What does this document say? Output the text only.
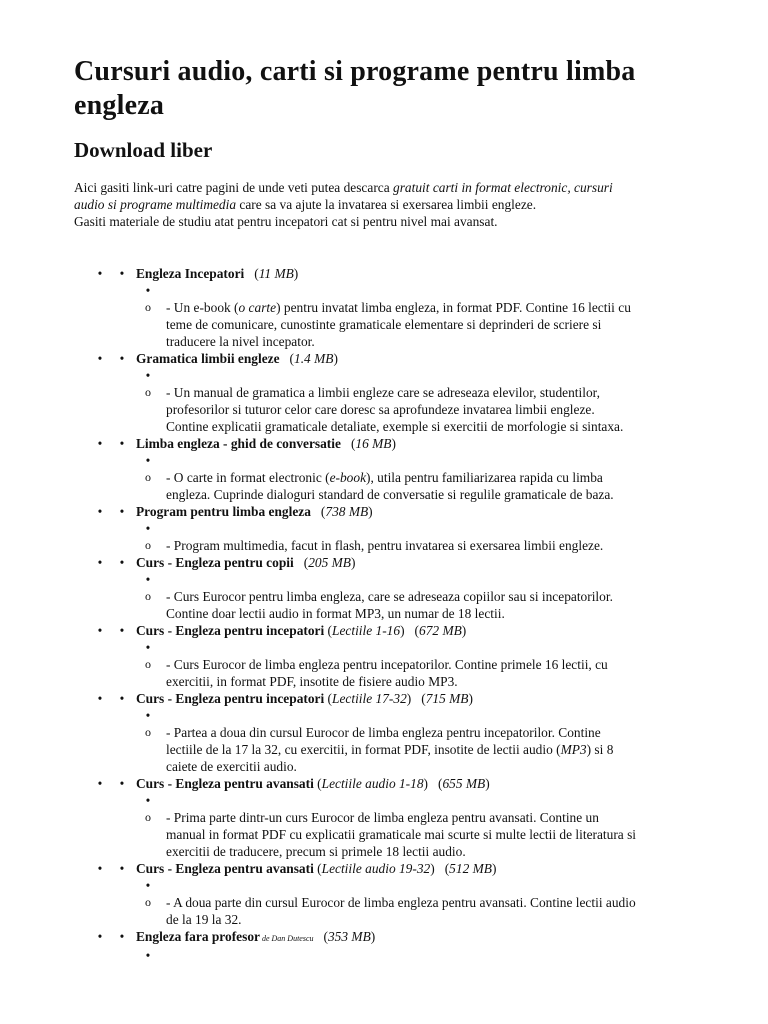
Cursuri audio, carti si programe pentru limba
engleza
Download liber
Aici gasiti link-uri catre pagini de unde veti putea descarca gratuit carti in format electronic, cursuri
audio si programe multimedia care sa va ajute la invatarea si exersarea limbii engleze.
Gasiti materiale de studiu atat pentru incepatori cat si pentru nivel mai avansat.
• • Engleza Incepatori (11 MB)
•

o - Un e-book (o carte) pentru invatat limba engleza, in format PDF. Contine 16 lectii cu
teme de comunicare, cunostinte gramaticale elementare si deprinderi de scriere si
traducere la nivel incepator.
• • Gramatica limbii engleze (1.4 MB)
•

o - Un manual de gramatica a limbii engleze care se adreseaza elevilor, studentilor,
profesorilor si tuturor celor care doresc sa aprofundeze invatarea limbii engleze.
Contine explicatii gramaticale detaliate, exemple si exercitii de morfologie si sintaxa.
• • Limba engleza - ghid de conversatie (16 MB)
•

o - O carte in format electronic (e-book), utila pentru familiarizarea rapida cu limba
engleza. Cuprinde dialoguri standard de conversatie si regulile gramaticale de baza.
• • Program pentru limba engleza (738 MB)
•

o - Program multimedia, facut in flash, pentru invatarea si exersarea limbii engleze.
• • Curs - Engleza pentru copii (205 MB)
•

o - Curs Eurocor pentru limba engleza, care se adreseaza copiilor sau si incepatorilor.
Contine doar lectii audio in format MP3, un numar de 18 lectii.
• • Curs - Engleza pentru incepatori (Lectiile 1-16) (672 MB)
•

o - Curs Eurocor de limba engleza pentru incepatorilor. Contine primele 16 lectii, cu
exercitii, in format PDF, insotite de fisiere audio MP3.
• • Curs - Engleza pentru incepatori (Lectiile 17-32) (715 MB)
•

o - Partea a doua din cursul Eurocor de limba engleza pentru incepatorilor. Contine
lectiile de la 17 la 32, cu exercitii, in format PDF, insotite de lectii audio (MP3) si 8
caiete de exercitii audio.
• • Curs - Engleza pentru avansati (Lectiile audio 1-18) (655 MB)
•

o - Prima parte dintr-un curs Eurocor de limba engleza pentru avansati. Contine un
manual in format PDF cu explicatii gramaticale mai scurte si multe lectii de literatura si
exercitii de traducere, precum si primele 18 lectii audio.
• • Curs - Engleza pentru avansati (Lectiile audio 19-32) (512 MB)
•

o - A doua parte din cursul Eurocor de limba engleza pentru avansati. Contine lectii audio
de la 19 la 32.
• • Engleza fara profesor de Dan Dutescu (353 MB)
•
